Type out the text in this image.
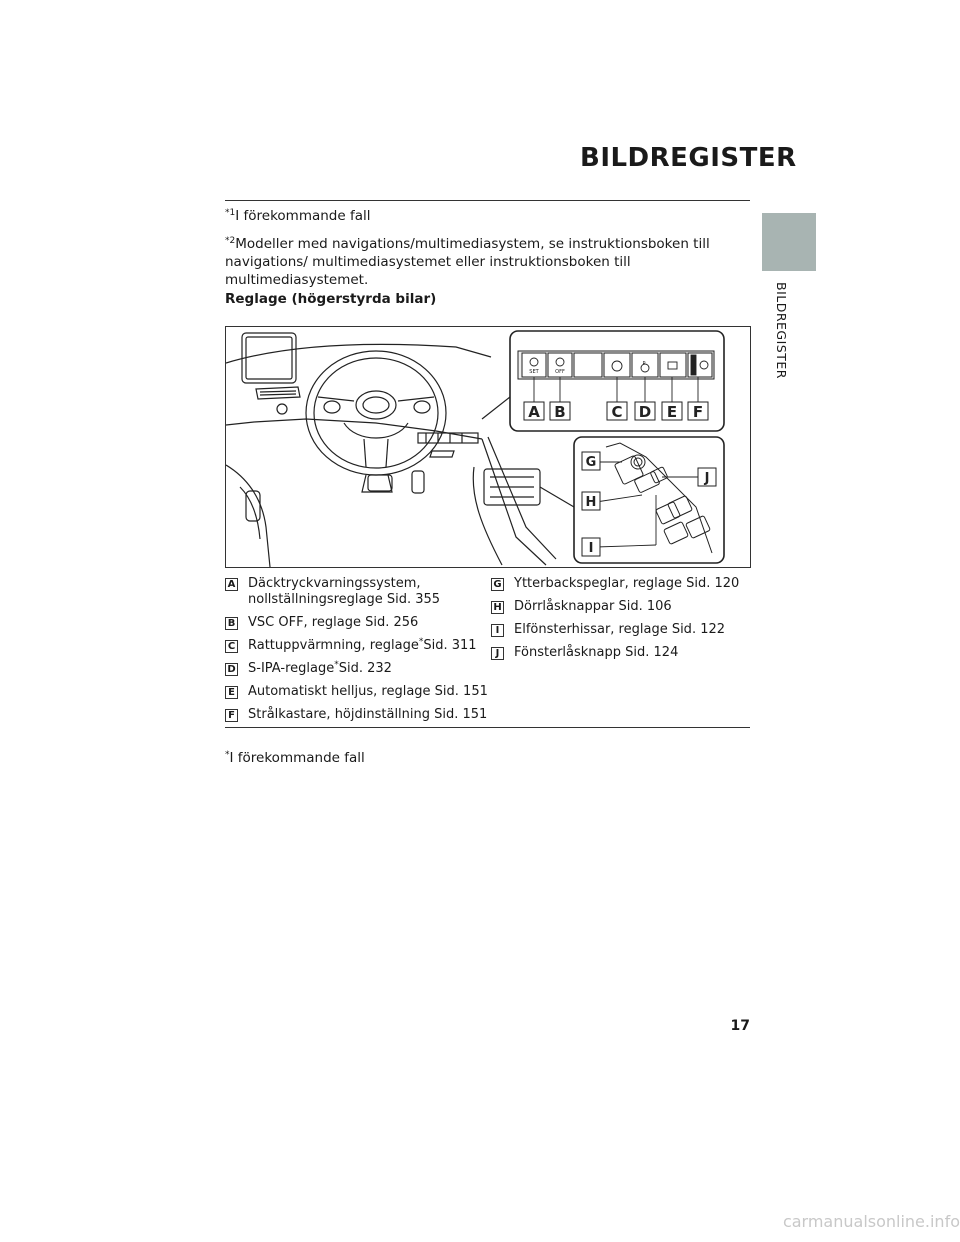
BILDREGISTER
BILDREGISTER
$^{*1}$I förekommande fall
$^{*2}$Modeller med navigations/multimediasystem, se instruktionsboken till navigations/ multimediasystemet eller instruktionsboken till multimediasystemet.
Reglage (högerstyrda bilar)
SET	OFF
P
A B	C D E F
G
H
I
J
A Däcktryckvarningssystem, nollställningsreglage Sid. 355
B VSC OFF, reglage Sid. 256
C Rattuppvärmning, reglage*Sid. 311
D S-IPA-reglage*Sid. 232
E Automatiskt helljus, reglage Sid. 151
F Strålkastare, höjdinställning Sid. 151
G Ytterbackspeglar, reglage Sid. 120
H Dörrlåsknappar Sid. 106
I	Elfönsterhissar, reglage Sid. 122
J	Fönsterlåsknapp Sid. 124
*I förekommande fall
17
carmanualsonline.info
